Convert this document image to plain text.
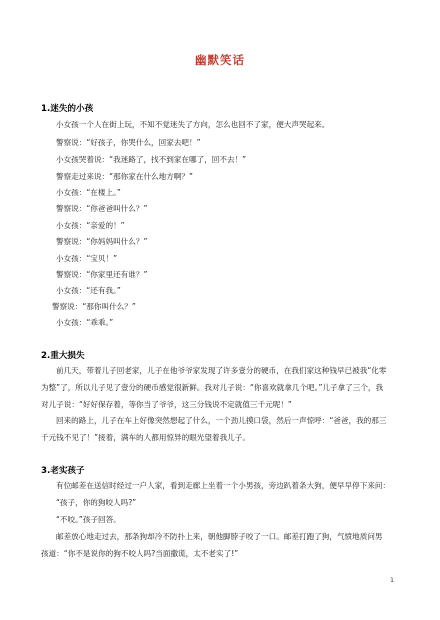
幽默笑话
1.迷失的小孩
小女孩一个人在街上玩，不知不觉迷失了方向，怎么也回不了家，便大声哭起来。
警察说：“好孩子，你哭什么，回家去吧！”
小女孩哭着说：“我迷路了，找不到家在哪了，回不去！”
警察走过来说：“那你家在什么地方啊？”
小女孩：“在楼上。”
警察说：“你爸爸叫什么？”
小女孩：“亲爱的！”
警察说：“你妈妈叫什么？”
小女孩：“宝贝！”
警察说：“你家里还有谁？”
小女孩：“还有我。”
警察说：“那你叫什么？”
小女孩：“乖乖。”
2.重大损失
前几天，带着儿子回老家，儿子在他爷爷家发现了许多壹分的硬币，在我们家这种钱早已被我“化零
为整”了，所以儿子见了壹分的硬币感觉很新鲜。我对儿子说：“你喜欢就拿几个吧。”儿子拿了三个，我
对儿子说：“好好保存着，等你当了爷爷，这三分钱说不定就值三千元呢！”
回来的路上，儿子在车上好像突然想起了什么，一个劲儿摸口袋，然后一声惊呼：“爸爸，我的那三
千元钱不见了！”接着，满车的人都用惊异的眼光望着我儿子。
3.老实孩子
有位邮差在送信时经过一户人家，看到走廊上坐着一个小男孩，旁边趴着条大狗，便早早停下来问：
“孩子，你的狗咬人吗?”
“不咬。”孩子回答。
邮差放心地走过去，那条狗却冷不防扑上来，朝他脚脖子咬了一口。邮差打跑了狗，气愤地质问男
孩道：“你不是说你的狗不咬人吗?当面撒谎，太不老实了!”
1
